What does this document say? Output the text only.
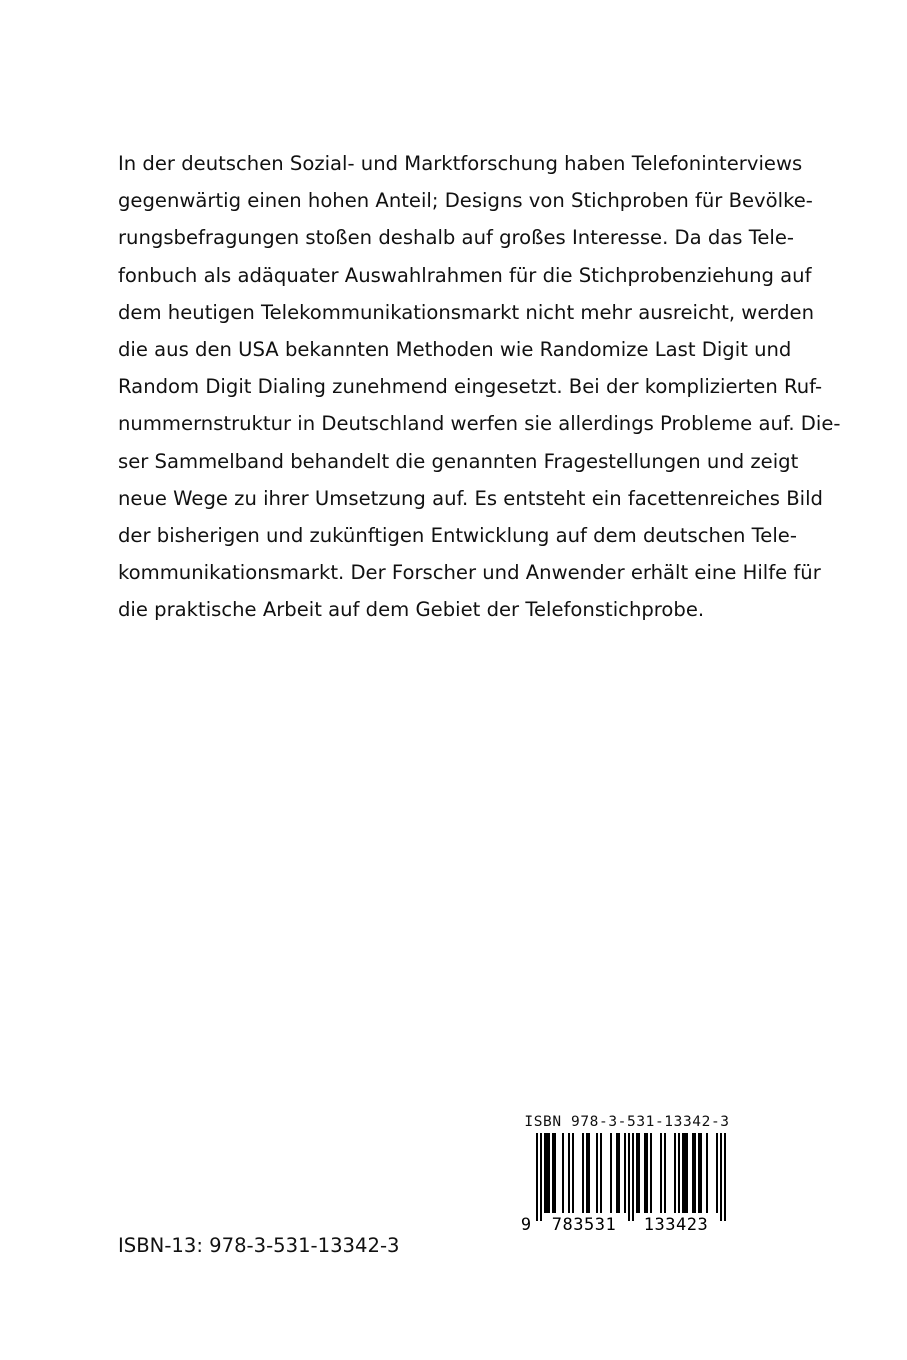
In der deutschen Sozial- und Marktforschung haben Telefoninterviews
gegenwärtig einen hohen Anteil; Designs von Stichproben für Bevölke-
rungsbefragungen stoßen deshalb auf großes Interesse. Da das Tele-
fonbuch als adäquater Auswahlrahmen für die Stichprobenziehung auf
dem heutigen Telekommunikationsmarkt nicht mehr ausreicht, werden
die aus den USA bekannten Methoden wie Randomize Last Digit und
Random Digit Dialing zunehmend eingesetzt. Bei der komplizierten Ruf-
nummernstruktur in Deutschland werfen sie allerdings Probleme auf. Die-
ser Sammelband behandelt die genannten Fragestellungen und zeigt
neue Wege zu ihrer Umsetzung auf. Es entsteht ein facettenreiches Bild
der bisherigen und zukünftigen Entwicklung auf dem deutschen Tele-
kommunikationsmarkt. Der Forscher und Anwender erhält eine Hilfe für
die praktische Arbeit auf dem Gebiet der Telefonstichprobe.
ISBN 978-3-531-13342-3
9 783531 133423
ISBN-13: 978-3-531-13342-3
